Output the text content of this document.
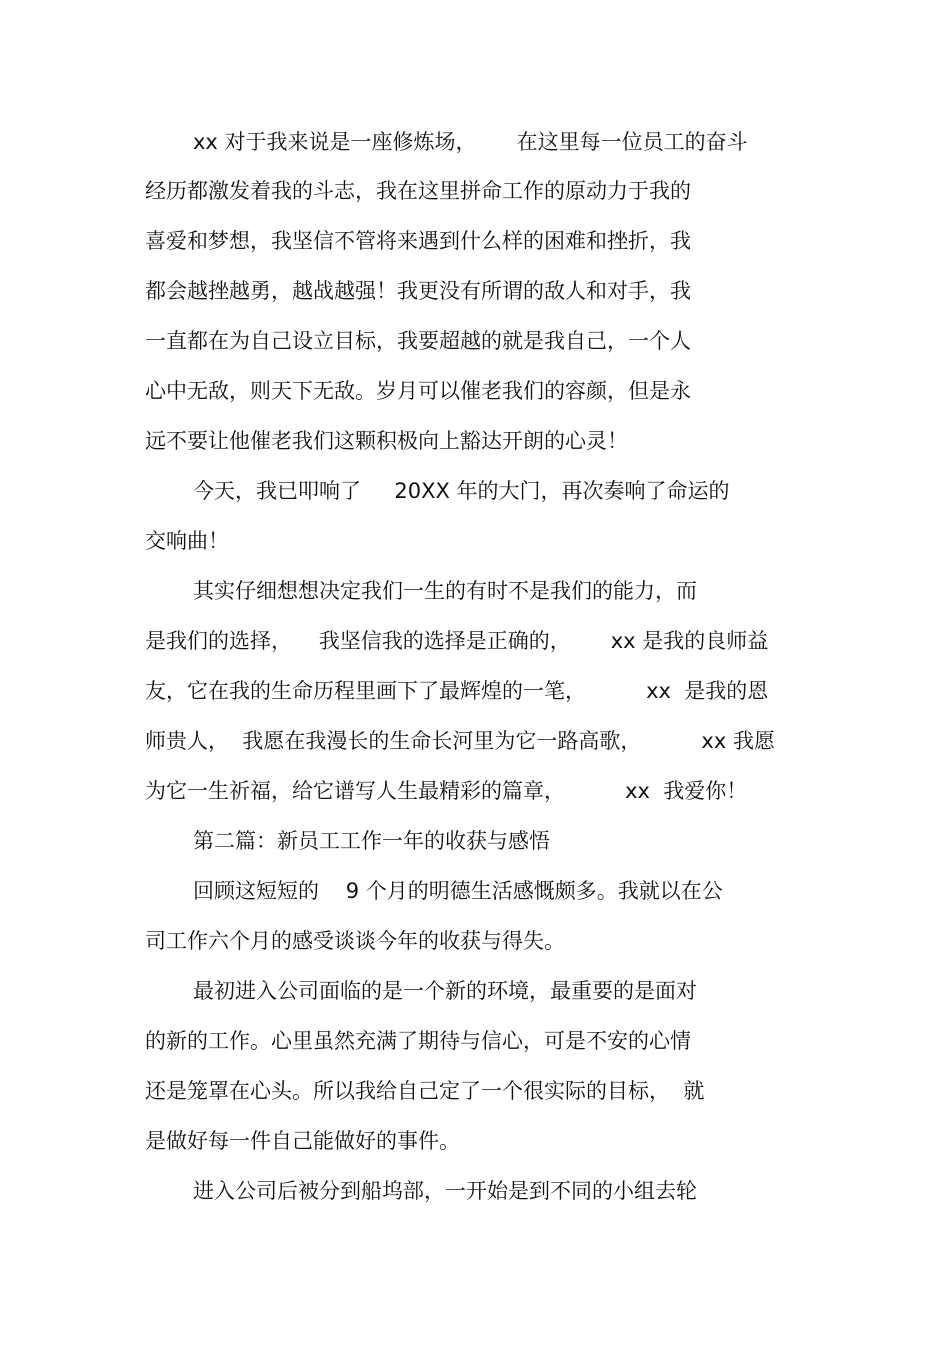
xx 对于我来说是一座修炼场，      在这里每一位员工的奋斗
经历都激发着我的斗志，我在这里拼命工作的原动力于我的
喜爱和梦想，我坚信不管将来遇到什么样的困难和挫折，我
都会越挫越勇，越战越强！我更没有所谓的敌人和对手，我
一直都在为自己设立目标，我要超越的就是我自己，一个人
心中无敌，则天下无敌。岁月可以催老我们的容颜，但是永
远不要让他催老我们这颗积极向上豁达开朗的心灵！
今天，我已叩响了     20XX 年的大门，再次奏响了命运的
交响曲！
其实仔细想想决定我们一生的有时不是我们的能力，而
是我们的选择，    我坚信我的选择是正确的，      xx 是我的良师益
友，它在我的生命历程里画下了最辉煌的一笔，         xx  是我的恩
师贵人，  我愿在我漫长的生命长河里为它一路高歌，         xx 我愿
为它一生祈福，给它谱写人生最精彩的篇章，         xx  我爱你！
第二篇：新员工工作一年的收获与感悟
回顾这短短的    9 个月的明德生活感慨颇多。我就以在公
司工作六个月的感受谈谈今年的收获与得失。
最初进入公司面临的是一个新的环境，最重要的是面对
的新的工作。心里虽然充满了期待与信心，可是不安的心情
还是笼罩在心头。所以我给自己定了一个很实际的目标，  就
是做好每一件自己能做好的事件。
进入公司后被分到船坞部，一开始是到不同的小组去轮
